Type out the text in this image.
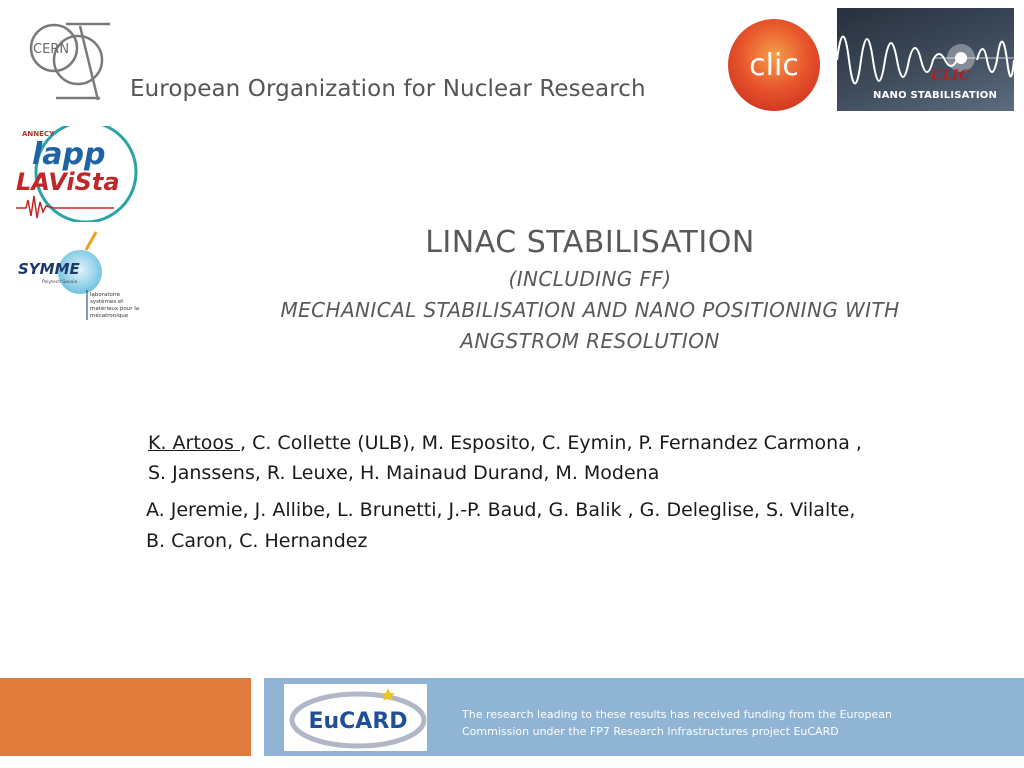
CERN
European Organization for Nuclear Research
clic	CLIC
NANO STABILISATION
ANNECY
lapp
LAViSta
SYMME
Polytech'Savoie
laboratoire
systèmes et
matériaux pour la
mécatronique
LINAC STABILISATION
(INCLUDING FF)
MECHANICAL STABILISATION AND NANO POSITIONING WITH ANGSTROM RESOLUTION
K. Artoos , C. Collette (ULB), M. Esposito, C. Eymin, P. Fernandez Carmona ,
S. Janssens, R. Leuxe, H. Mainaud Durand, M. Modena
A. Jeremie, J. Allibe, L. Brunetti, J.-P. Baud, G. Balik , G. Deleglise, S. Vilalte,
B. Caron, C. Hernandez
EuCARD	The research leading to these results has received funding from the European Commission under the FP7 Research Infrastructures project EuCARD
